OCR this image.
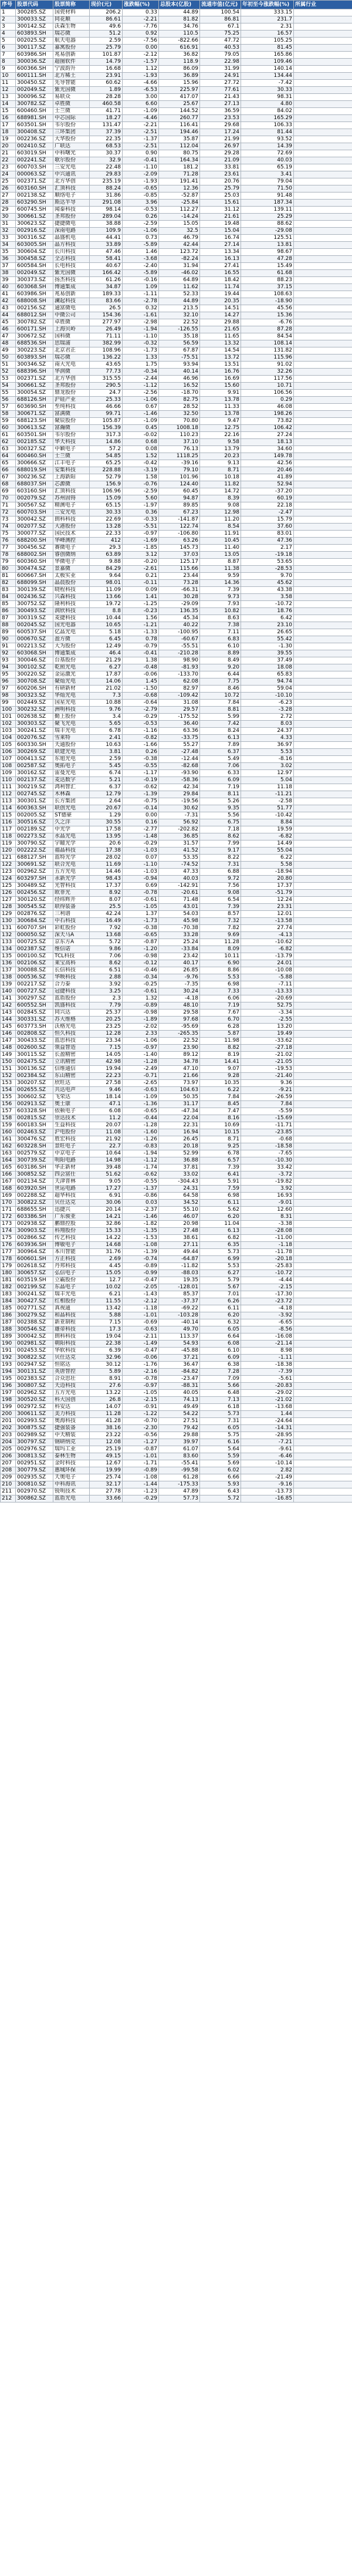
序号	股票代码	股票简称	现价(元)	涨跌幅(%)	总股本(亿股)	流通市值(亿元)	年初至今涨跌幅(%)	所属行业
1	300285.SZ	国瓷材料	206.2	0.33	44.89	100.54	333.15	
2	300033.SZ	同花顺	86.61	-2.21	81.82	86.81	231.7	
3	300142.SZ	沃森生物	49.6	-7.76	34.76	67.1	2.31	
4	603893.SH	瑞芯微	51.2	0.92	110.5	75.25	16.57	
5	002025.SZ	航天电器	2.59	-7.56	-822.66	47.72	105.25	
6	300117.SZ	嘉寓股份	25.79	0.00	616.91	40.53	81.45	
7	603986.SH	兆易创新	101.87	-2.12	36.82	79.05	165.86	
8	300036.SZ	超图软件	14.79	-1.57	118.9	22.98	109.46	
9	600366.SH	宁波韵升	16.68	1.12	86.09	31.99	140.14	
10	600111.SH	北方稀土	23.91	-1.93	36.89	24.91	134.44	
11	300450.SZ	先导智能	60.62	-4.66	15.96	27.72	-7.42	
12	002049.SZ	紫光国微	1.89	-6.53	225.97	77.61	30.33	
13	300096.SZ	易联众	28.28	3.00	417.07	21.43	98.31	
14	300782.SZ	卓胜微	460.58	6.60	25.67	27.13	4.80	
15	600460.SH	士兰微	41.71	-1.09	144.52	36.59	84.02	
16	688981.SH	中芯国际	18.27	-4.46	260.77	23.53	165.29	
17	603501.SH	韦尔股份	131.47	-2.21	116.41	29.68	106.33	
18	300408.SZ	三环集团	37.39	-2.51	194.46	17.24	81.44	
19	002236.SZ	大华股份	22.35	-1.37	35.87	21.99	93.52	
20	002410.SZ	广联达	68.53	-2.51	112.04	26.97	14.39	
21	603019.SH	中科曙光	30.37	0.90	80.75	29.28	72.69	
22	002241.SZ	歌尔股份	32.9	-0.41	164.34	21.09	40.03	
23	600703.SH	三安光电	22.48	-1.10	181.2	33.81	65.19	
24	000063.SZ	中兴通讯	29.83	-2.09	71.28	23.61	3.41	
25	002371.SZ	北方华创	235.19	-1.93	191.41	20.76	79.04	
26	603160.SH	汇顶科技	88.24	-0.65	12.36	25.79	71.50	
27	002138.SZ	顺络电子	31.86	-0.85	-52.87	25.03	91.48	
28	603290.SH	斯达半导	291.08	3.96	-25.84	15.61	187.34	
29	600745.SH	闻泰科技	98.14	-0.53	112.27	31.12	139.11	
30	300661.SZ	圣邦股份	289.04	0.26	-14.24	21.61	25.29	
31	300623.SZ	捷捷微电	38.88	-2.59	15.05	19.48	88.62	
32	002916.SZ	深南电路	109.9	-1.06	32.5	15.04	-29.08	
33	300316.SZ	晶盛机电	44.41	0.73	46.79	16.74	125.51	
34	603005.SH	晶方科技	33.89	-5.89	42.44	27.14	13.81	
35	300604.SZ	长川科技	47.46	1.46	123.72	13.34	98.67	
36	300458.SZ	全志科技	58.41	-3.68	-82.24	16.13	47.28	
37	600584.SH	长电科技	40.67	-2.40	31.94	27.41	15.49	
38	002049.SZ	紫光国微	166.42	-5.89	-46.02	16.55	61.68	
39	300373.SZ	扬杰科技	61.26	-0.16	64.89	18.42	88.23	
40	603068.SH	博通集成	34.87	1.09	11.62	11.74	37.15	
41	603986.SH	兆易创新	189.33	-1.11	52.33	19.44	108.63	
42	688008.SH	澜起科技	83.66	-2.78	44.89	20.35	-18.90	
43	002156.SZ	通富微电	26.5	0.32	213.5	14.51	45.56	
44	688012.SH	中微公司	154.36	-1.61	32.10	14.27	15.36	
45	300782.SZ	卓胜微	277.97	-2.98	22.52	29.88	-6.76	
46	600171.SH	上海贝岭	26.49	-1.94	-126.55	21.65	87.28	
47	300672.SZ	国科微	71.11	-1.10	35.18	11.65	84.54	
48	688536.SH	思瑞浦	382.99	-0.32	56.59	13.32	108.14	
49	300223.SZ	北京君正	108.96	-1.73	67.87	14.54	131.82	
50	603893.SH	瑞芯微	136.22	1.33	-75.51	13.72	115.96	
51	300346.SZ	南大光电	43.65	1.75	93.94	13.51	91.02	
52	688396.SH	华润微	77.73	-0.34	40.14	16.76	32.26	
53	002371.SZ	北方华创	315.55	-2.44	46.96	16.69	117.56	
54	300661.SZ	圣邦股份	290.5	-1.12	16.52	15.60	10.71	
55	300054.SZ	鼎龙股份	24.7	-2.56	-18.70	9.91	106.56	
56	688126.SH	沪硅产业	25.33	-1.06	82.75	13.78	0.29	
57	603690.SH	至纯科技	46.66	0.67	28.52	11.33	46.08	
58	300671.SZ	富满微	99.71	-1.46	32.50	13.78	198.26	
59	688123.SH	聚辰股份	105.87	-1.09	70.80	9.47	73.82	
60	300613.SZ	富瀚微	156.39	0.45	1008.18	12.75	106.42	
61	603501.SH	韦尔股份	317.3	-0.02	110.23	22.16	27.24	
62	002185.SZ	华天科技	14.86	0.68	37.10	9.58	18.13	
63	300327.SZ	中颖电子	57.2	0.08	76.13	13.79	34.60	
64	600460.SH	士兰微	54.85	1.52	1118.25	20.23	149.78	
65	300666.SZ	江丰电子	65.25	-0.42	-39.16	9.13	42.56	
66	688019.SH	安集科技	228.88	-3.19	79.10	8.71	20.46	
67	300236.SZ	上海新阳	52.79	1.58	101.96	10.18	41.89	
68	688037.SH	芯源微	156.9	-0.76	124.40	11.82	52.94	
69	603160.SH	汇顶科技	106.96	-2.59	60.45	14.72	-37.20	
70	002079.SZ	苏州固锝	15.09	5.60	94.87	8.39	60.19	
71	300567.SZ	精测电子	65.15	-1.97	89.85	9.08	22.18	
72	600703.SH	三安光电	30.33	0.36	67.23	12.98	-2.47	
73	300042.SZ	朗科科技	22.69	-0.33	-141.87	11.20	15.79	
74	002077.SZ	大港股份	13.28	-5.51	122.74	8.54	37.60	
75	300077.SZ	国民技术	22.33	-0.97	-106.80	11.91	83.01	
76	688200.SH	华峰测控	412	-1.69	63.26	10.45	47.36	
77	300456.SZ	赛微电子	29.3	-1.85	145.73	11.40	2.17	
78	688002.SH	睿创微纳	63.89	3.12	37.03	13.05	-19.18	
79	600360.SH	华微电子	9.88	-0.20	125.17	8.87	53.65	
80	300474.SZ	景嘉微	84.29	-2.61	115.66	11.38	-28.53	
81	600667.SH	太极实业	9.64	0.21	23.44	9.59	9.70	
82	688099.SH	晶晨股份	98.01	-0.11	73.28	14.36	45.62	
83	300139.SZ	晓程科技	11.09	0.09	-66.31	7.39	43.38	
84	002436.SZ	兴森科技	13.66	1.41	30.28	9.73	3.58	
85	300752.SZ	隆利科技	19.72	-1.25	-29.09	7.93	-10.72	
86	300493.SZ	润欣科技	8.8	-0.23	136.35	10.82	18.76	
87	300319.SZ	麦捷科技	10.44	1.56	45.34	8.63	6.42	
88	002045.SZ	国光电器	10.65	-1.21	40.22	7.38	23.10	
89	600537.SH	亿晶光电	5.18	-1.33	-100.95	7.11	26.65	
90	000670.SZ	盈方微	6.45	0.78	-60.67	6.83	55.42	
91	002213.SZ	大为股份	12.49	-0.79	-55.51	6.10	-1.30	
92	603068.SH	博通集成	46.4	-0.41	-210.28	8.89	39.55	
93	300046.SZ	台基股份	21.29	1.38	98.90	8.49	37.49	
94	300102.SZ	乾照光电	6.27	-0.48	-81.93	9.20	18.08	
95	300220.SZ	金运激光	17.87	-0.06	-133.70	6.44	65.83	
96	300708.SZ	聚灿光电	14.06	1.45	62.08	7.75	94.74	
97	600206.SH	有研新材	21.02	-1.50	82.97	8.46	59.04	
98	300323.SZ	华灿光电	7.3	-0.68	-109.42	10.72	-10.10	
99	002449.SZ	国星光电	10.88	-0.64	31.08	7.84	-6.23	
100	300232.SZ	洲明科技	9.76	-2.79	29.57	8.81	-3.28	
101	002638.SZ	勤上股份	3.4	-0.29	-175.52	5.99	2.72	
102	300303.SZ	聚飞光电	5.65	-0.53	36.40	7.42	8.03	
103	300241.SZ	瑞丰光电	6.78	-1.16	63.36	8.24	24.37	
104	002076.SZ	雪莱特	2.41	-0.82	-33.75	6.13	4.33	
105	600330.SH	天通股份	10.63	-1.66	55.27	7.89	36.97	
106	300269.SZ	联建光电	3.81	0.26	-27.48	6.37	5.53	
107	000413.SZ	东旭光电	2.59	-0.38	-12.44	5.49	-8.16	
108	002587.SZ	奥拓电子	5.45	-0.55	-82.68	7.06	3.02	
109	300162.SZ	雷曼光电	6.74	-1.17	-93.90	6.33	12.97	
110	002137.SZ	麦达数字	5.21	-0.19	-58.36	6.09	5.04	
111	300219.SZ	鸿利智汇	6.37	-0.62	42.34	7.19	11.18	
112	002745.SZ	木林森	12.79	-1.39	29.84	8.11	-11.21	
113	300301.SZ	长方集团	2.64	-0.75	-19.56	5.26	-2.58	
114	600363.SH	联创光电	20.67	-0.14	30.62	9.35	51.77	
115	002005.SZ	ST德豪	1.29	0.00	-7.31	5.56	-10.42	
116	300516.SZ	久之洋	30.55	0.16	56.92	6.75	8.84	
117	002189.SZ	中光学	17.58	-2.77	-202.82	7.18	19.59	
118	002273.SZ	水晶光电	13.95	-1.48	36.85	8.62	-6.82	
119	300790.SZ	宇瞳光学	20.6	-0.29	31.57	7.99	14.49	
120	002222.SZ	福晶科技	17.38	-1.03	41.52	9.17	55.04	
121	688127.SH	蓝特光学	28.02	0.07	53.35	8.22	6.22	
122	300691.SZ	联合光电	11.69	-1.10	-74.52	7.31	5.58	
123	002962.SZ	五方光电	14.46	-1.03	47.33	6.88	-18.94	
124	603297.SH	永新光学	98.43	-0.94	40.03	9.72	20.80	
125	300489.SZ	光智科技	17.37	0.69	-142.91	7.56	17.37	
126	002456.SZ	欧菲光	8.92	-0.78	-20.61	9.08	-51.79	
127	300120.SZ	经纬辉开	8.07	-0.61	71.48	6.54	12.24	
128	300545.SZ	联得装备	25.5	-1.05	43.01	7.39	23.31	
129	002876.SZ	三利谱	42.24	1.37	54.03	8.57	12.01	
130	300684.SZ	中石科技	16.49	-1.73	45.98	7.32	-13.58	
131	600707.SH	彩虹股份	7.92	-0.38	-70.38	7.82	27.74	
132	000050.SZ	深天马A	13.68	-0.65	33.28	9.69	-4.13	
133	000725.SZ	京东方A	5.72	-0.87	25.24	11.28	-10.62	
134	002387.SZ	维信诺	9.86	-1.20	-33.84	8.09	-6.82	
135	000100.SZ	TCL科技	7.06	-0.98	23.42	10.11	-13.79	
136	002106.SZ	莱宝高科	8.62	-0.12	40.17	6.90	24.01	
137	300088.SZ	长信科技	6.51	-0.46	26.85	8.86	-10.08	
138	000536.SZ	华映科技	2.88	-0.34	-9.76	5.53	-5.88	
139	002217.SZ	合力泰	3.92	-0.25	-7.35	6.98	-7.11	
140	000727.SZ	冠捷科技	3.25	-0.61	30.24	7.33	-13.33	
141	300297.SZ	蓝盾股份	2.3	1.32	-4.18	6.06	-20.69	
142	600552.SH	凯盛科技	7.79	-0.89	48.10	7.19	52.75	
143	002845.SZ	同兴达	25.37	-0.98	29.58	7.67	-3.34	
144	300331.SZ	苏大维格	20.25	-1.89	97.68	6.70	-2.55	
145	603773.SH	沃格光电	23.25	-2.02	-95.69	6.28	13.20	
146	002808.SZ	恒久科技	12.28	2.33	-265.35	5.87	19.49	
147	300433.SZ	蓝思科技	23.34	-1.06	22.52	11.98	-33.62	
148	002600.SZ	领益智造	7.15	-0.97	23.90	8.82	-27.18	
149	300115.SZ	长盈精密	14.05	-1.40	89.12	8.19	-21.02	
150	002475.SZ	立讯精密	42.98	-1.28	34.78	14.41	-21.05	
151	300136.SZ	信维通信	19.94	-2.49	47.10	9.07	-19.53	
152	002384.SZ	东山精密	22.23	-0.71	21.66	9.28	-21.40	
153	300207.SZ	欣旺达	27.58	-2.65	73.97	10.35	9.36	
154	002655.SZ	共达电声	9.46	-0.63	104.63	6.22	-9.21	
155	300602.SZ	飞荣达	18.14	-1.09	50.35	7.84	-26.59	
156	002913.SZ	奥士康	47.1	-1.36	31.17	8.45	7.84	
157	603328.SH	依顿电子	6.08	-0.65	-47.34	7.47	-5.59	
158	002815.SZ	崇达技术	11.2	-0.44	22.04	8.16	-15.69	
159	600183.SH	生益科技	20.07	-1.28	22.31	10.69	-11.71	
160	002463.SZ	沪电股份	11.08	-1.60	16.94	10.15	-23.85	
161	300476.SZ	胜宏科技	21.92	-1.26	26.45	8.71	-0.68	
162	603228.SH	景旺电子	22.7	-0.83	20.18	9.25	-18.58	
163	002579.SZ	中京电子	10.64	-1.94	52.99	6.78	-7.65	
164	300739.SZ	明阳电路	14.98	-1.12	36.88	6.57	-10.30	
165	603186.SH	华正新材	39.48	-1.74	37.81	7.39	33.42	
166	300852.SZ	四会富仕	51.62	-0.62	33.02	6.41	-3.72	
167	002134.SZ	天津普林	9.05	-0.55	-304.43	5.91	-19.82	
168	603920.SH	世运电路	17.27	-1.37	24.31	7.59	3.92	
169	002288.SZ	超华科技	6.91	-0.86	64.58	6.98	16.93	
170	300822.SZ	贝仕达克	30.06	0.03	34.52	6.11	-9.01	
171	688655.SH	迅捷兴	20.14	-2.37	55.10	5.62	12.60	
172	603386.SH	广东骏亚	14.21	-1.46	46.07	6.20	8.31	
173	002938.SZ	鹏鼎控股	32.86	-1.82	20.98	11.04	-3.38	
174	300903.SZ	科翔股份	15.33	-1.35	27.48	6.13	-28.08	
175	002866.SZ	传艺科技	14.22	-1.53	38.61	6.82	-11.00	
176	603936.SH	博敏电子	14.68	-1.08	27.11	6.35	-1.18	
177	300964.SZ	本川智能	31.76	-1.39	49.44	5.73	-11.78	
178	600601.SH	方正科技	2.69	-0.74	-64.87	6.99	-20.18	
179	002618.SZ	丹邦科技	4.45	-0.89	-11.82	5.53	-25.83	
180	300657.SZ	弘信电子	15.05	-0.99	-88.03	6.27	-10.72	
181	603519.SH	立霸股份	12.7	-0.47	19.35	5.79	-4.44	
182	002199.SZ	东晶电子	10.02	-2.05	-128.01	5.67	-2.15	
183	300241.SZ	瑞丰光电	6.21	-1.43	85.37	7.01	-17.30	
184	300427.SZ	红相股份	11.55	-2.12	-37.37	6.26	-23.72	
185	002771.SZ	真视通	13.42	-1.18	-69.22	6.11	-4.18	
186	300279.SZ	和晶科技	5.88	-1.01	-103.28	6.20	-3.92	
187	002388.SZ	新亚制程	7.15	-0.69	-40.14	6.32	-6.65	
188	300546.SZ	雄帝科技	17.3	-0.63	49.70	6.05	-8.56	
189	300042.SZ	朗科科技	19.04	-2.11	113.37	6.64	-16.08	
190	002981.SZ	朝阳科技	22.38	-1.49	54.93	6.08	-21.14	
191	002453.SZ	华软科技	6.39	-0.47	-45.88	6.10	8.98	
192	300822.SZ	贝仕达克	32.96	-0.06	37.21	6.09	-1.11	
193	002947.SZ	恒铭达	30.12	-1.76	36.47	6.38	-18.38	
194	300131.SZ	英唐智控	5.89	-2.16	-84.82	7.28	-7.39	
195	002383.SZ	合众思壮	8.91	-0.78	-23.47	7.09	-5.61	
196	300807.SZ	天迈科技	27.6	-0.97	-88.31	5.66	-20.83	
197	002962.SZ	五方光电	13.22	-1.05	40.05	6.48	-29.02	
198	300520.SZ	科大国创	26.8	-2.15	74.13	7.13	-21.02	
199	002972.SZ	科安达	14.07	-0.91	49.49	6.18	-13.68	
200	300611.SZ	美力科技	11.28	-1.22	54.22	5.73	1.44	
201	002993.SZ	奥海科技	41.28	-0.70	27.51	7.31	-24.64	
202	300875.SZ	捷强装备	38.16	-2.30	79.42	6.05	-14.31	
203	002989.SZ	中天精装	23.22	-0.56	29.88	5.75	-28.95	
204	300797.SZ	钢研纳克	12.08	-1.27	39.97	6.16	-7.21	
205	002976.SZ	瑞玛工业	25.19	-0.87	61.07	5.64	-9.61	
206	300813.SZ	泰林生物	49.15	-1.01	83.60	5.59	-6.46	
207	002951.SZ	金时科技	12.67	-1.71	-55.41	5.69	-10.14	
208	300779.SZ	惠城环保	19.99	-0.89	-99.58	6.02	2.82	
209	002935.SZ	天奥电子	25.74	-1.08	61.28	6.66	-21.49	
210	300810.SZ	中科海讯	32.17	-1.44	-175.33	5.93	-9.16	
211	002970.SZ	锐明技术	27.78	-1.23	47.89	6.43	-13.73	
212	300862.SZ	蓝盾光电	33.66	-0.29	57.73	5.72	-16.85	
